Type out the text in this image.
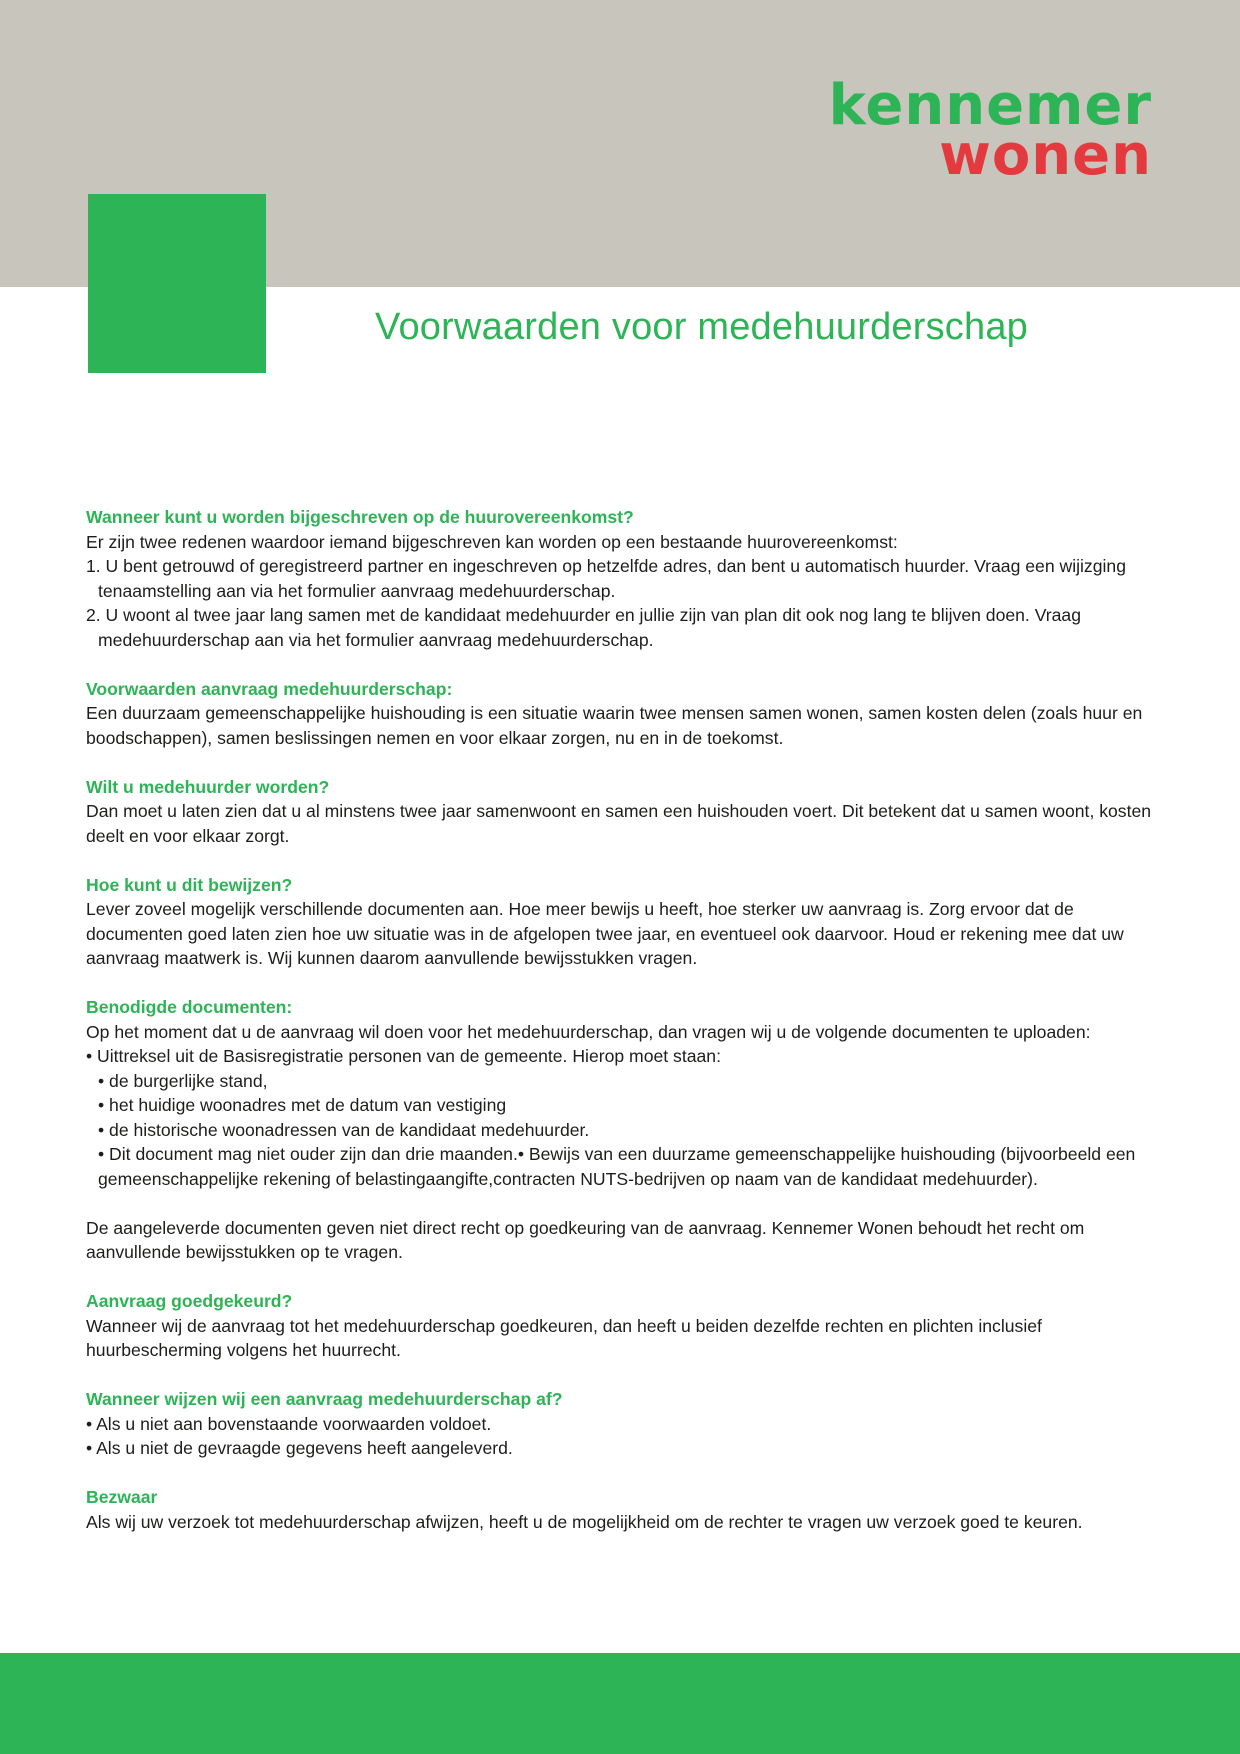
kennemer
wonen
Voorwaarden voor medehuurderschap

Wanneer kunt u worden bijgeschreven op de huurovereenkomst?

Er zijn twee redenen waardoor iemand bijgeschreven kan worden op een bestaande huurovereenkomst:

1. U bent getrouwd of geregistreerd partner en ingeschreven op hetzelfde adres, dan bent u automatisch huurder. Vraag een wijizging tenaamstelling aan via het formulier aanvraag medehuurderschap.
2. U woont al twee jaar lang samen met de kandidaat medehuurder en jullie zijn van plan dit ook nog lang te blijven doen. Vraag medehuurderschap aan via het formulier aanvraag medehuurderschap.

Voorwaarden aanvraag medehuurderschap:

Een duurzaam gemeenschappelijke huishouding is een situatie waarin twee mensen samen wonen, samen kosten delen (zoals huur en boodschappen), samen beslissingen nemen en voor elkaar zorgen, nu en in de toekomst.

Wilt u medehuurder worden?

Dan moet u laten zien dat u al minstens twee jaar samenwoont en samen een huishouden voert. Dit betekent dat u samen woont, kosten deelt en voor elkaar zorgt.

Hoe kunt u dit bewijzen?

Lever zoveel mogelijk verschillende documenten aan. Hoe meer bewijs u heeft, hoe sterker uw aanvraag is. Zorg ervoor dat de documenten goed laten zien hoe uw situatie was in de afgelopen twee jaar, en eventueel ook daarvoor. Houd er rekening mee dat uw aanvraag maatwerk is. Wij kunnen daarom aanvullende bewijsstukken vragen.

Benodigde documenten:

Op het moment dat u de aanvraag wil doen voor het medehuurderschap, dan vragen wij u de volgende documenten te uploaden:

• Uittreksel uit de Basisregistratie personen van de gemeente. Hierop moet staan:
• de burgerlijke stand,
• het huidige woonadres met de datum van vestiging
• de historische woonadressen van de kandidaat medehuurder.
• Dit document mag niet ouder zijn dan drie maanden.• Bewijs van een duurzame gemeenschappelijke huishouding (bijvoorbeeld een gemeenschappelijke rekening of belastingaangifte,contracten NUTS-bedrijven op naam van de kandidaat medehuurder).

De aangeleverde documenten geven niet direct recht op goedkeuring van de aanvraag. Kennemer Wonen behoudt het recht om aanvullende bewijsstukken op te vragen.

Aanvraag goedgekeurd?

Wanneer wij de aanvraag tot het medehuurderschap goedkeuren, dan heeft u beiden dezelfde rechten en plichten inclusief huurbescherming volgens het huurrecht.

Wanneer wijzen wij een aanvraag medehuurderschap af?

• Als u niet aan bovenstaande voorwaarden voldoet.
• Als u niet de gevraagde gegevens heeft aangeleverd.

Bezwaar

Als wij uw verzoek tot medehuurderschap afwijzen, heeft u de mogelijkheid om de rechter te vragen uw verzoek goed te keuren.
